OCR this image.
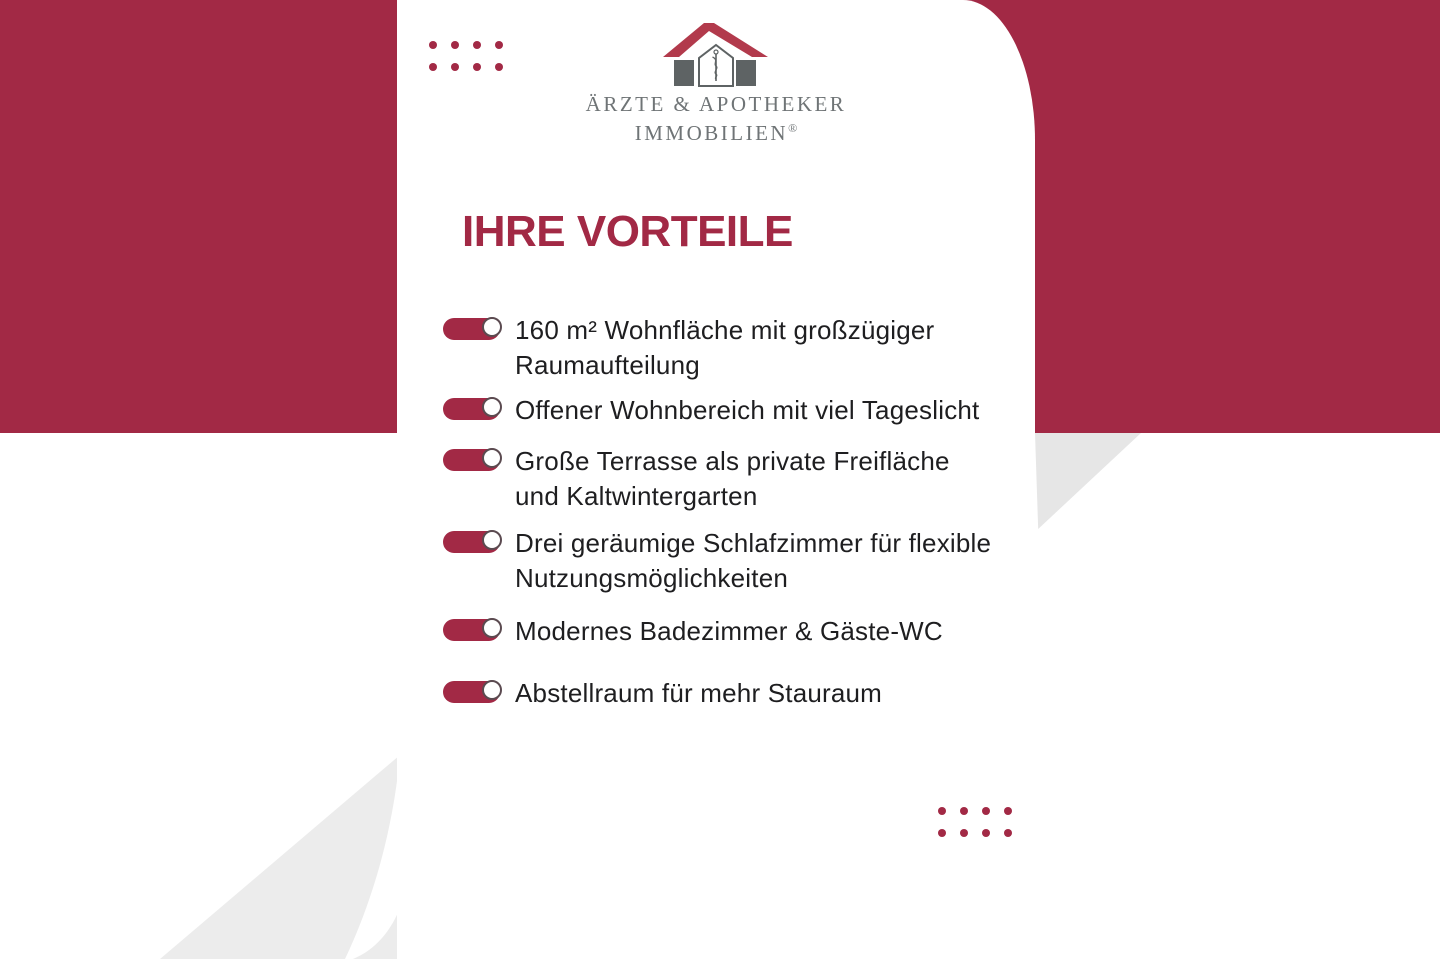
ÄRZTE & APOTHEKER
IMMOBILIEN®
IHRE VORTEILE
160 m² Wohnfläche mit großzügiger
Raumaufteilung
Offener Wohnbereich mit viel Tageslicht
Große Terrasse als private Freifläche
und Kaltwintergarten
Drei geräumige Schlafzimmer für flexible
Nutzungsmöglichkeiten
Modernes Badezimmer & Gäste-WC
Abstellraum für mehr Stauraum
